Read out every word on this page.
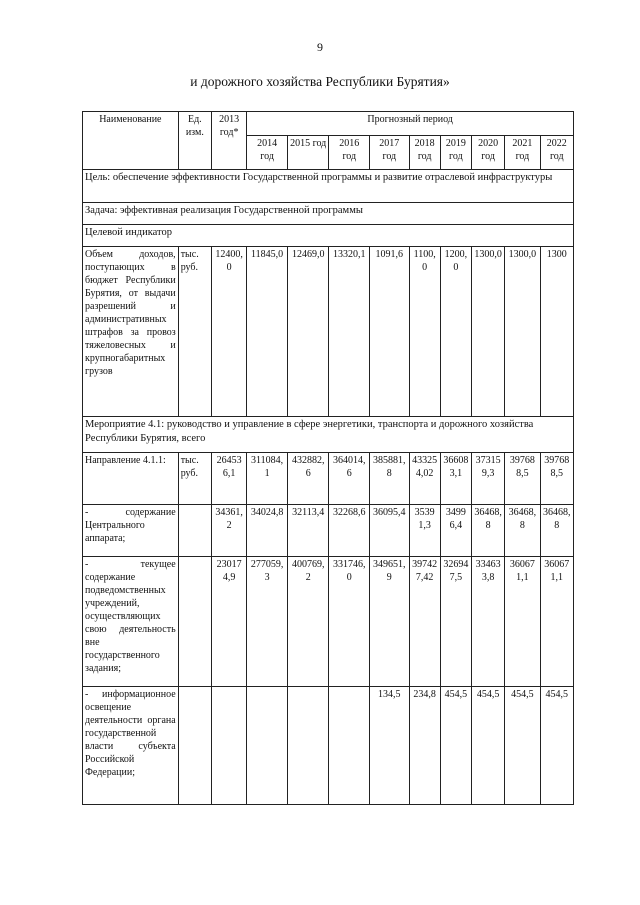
9
и дорожного хозяйства Республики Бурятия»
Наименование	Ед. изм.	2013 год*	Прогнозный период								
			2014 год	2015 год	2016 год	2017 год	2018 год	2019 год	2020 год	2021 год	2022 год
Цель: обеспечение эффективности Государственной программы и развитие отраслевой инфраструктуры											
Задача: эффективная реализация Государственной программы											
Целевой индикатор											
Объем доходов, поступающих в бюджет Республики Бурятия, от выдачи разрешений и административных штрафов за провоз тяжеловесных и крупногабаритных грузов	тыс. руб.	12400,0	11845,0	12469,0	13320,1	1091,6	1100,0	1200,0	1300,0	1300,0	1300
Мероприятие 4.1: руководство и управление в сфере энергетики, транспорта и дорожного хозяйства Республики Бурятия, всего											
Направление 4.1.1:	тыс. руб.	264536,1	311084,1	432882,6	364014,6	385881,8	433254,02	366083,1	373159,3	397688,5	397688,5
- содержание Центрального аппарата;		34361,2	34024,8	32113,4	32268,6	36095,4	35391,3	34996,4	36468,8	36468,8	36468,8
- текущее содержание подведомственных учреждений, осуществляющих свою деятельность вне государственного задания;		230174,9	277059,3	400769,2	331746,0	349651,9	397427,42	326947,5	334633,8	360671,1	360671,1
- информационное освещение деятельности органа государственной власти субъекта Российской Федерации;						134,5	234,8	454,5	454,5	454,5	454,5
